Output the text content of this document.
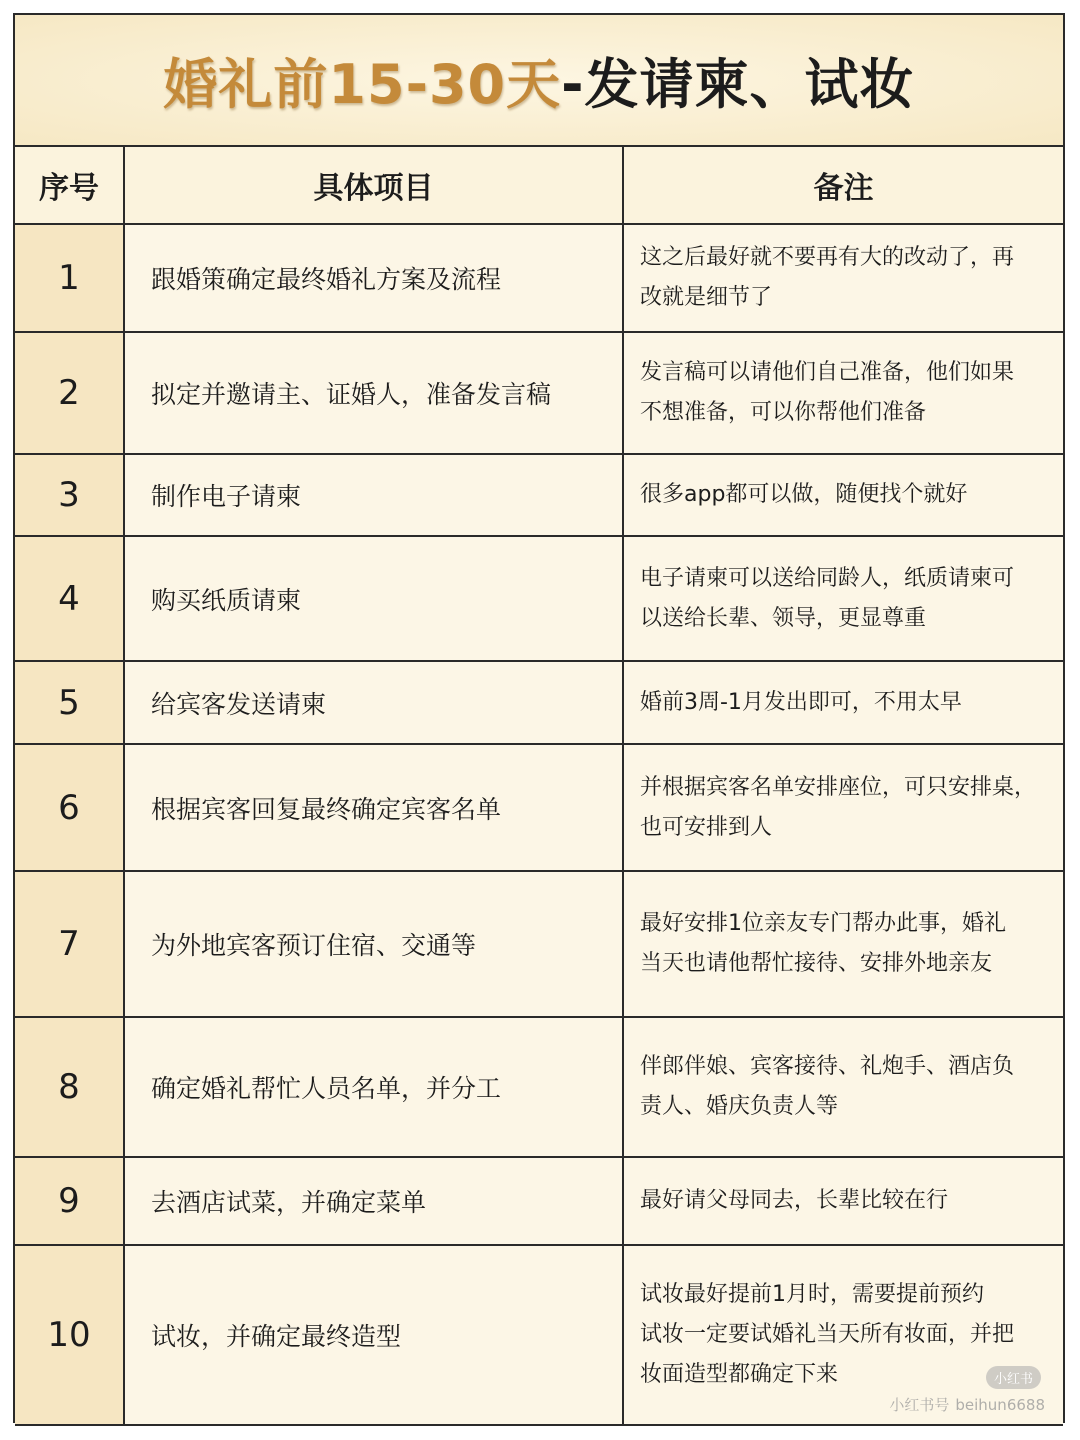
婚礼前15-30天-发请柬、试妆
序号	具体项目	备注
1	跟婚策确定最终婚礼方案及流程	这之后最好就不要再有大的改动了，再
改就是细节了

2	拟定并邀请主、证婚人，准备发言稿	发言稿可以请他们自己准备，他们如果
不想准备，可以你帮他们准备

3	制作电子请柬	很多app都可以做，随便找个就好

4	购买纸质请柬	电子请柬可以送给同龄人，纸质请柬可
以送给长辈、领导，更显尊重

5	给宾客发送请柬	婚前3周-1月发出即可，不用太早

6	根据宾客回复最终确定宾客名单	并根据宾客名单安排座位，可只安排桌，
也可安排到人

7	为外地宾客预订住宿、交通等	最好安排1位亲友专门帮办此事，婚礼
当天也请他帮忙接待、安排外地亲友

8	确定婚礼帮忙人员名单，并分工	伴郎伴娘、宾客接待、礼炮手、酒店负
责人、婚庆负责人等

9	去酒店试菜，并确定菜单	最好请父母同去，长辈比较在行

10	试妆，并确定最终造型	试妆最好提前1月时，需要提前预约
试妆一定要试婚礼当天所有妆面，并把
妆面造型都确定下来	小红书
小红书号 beihun6688
